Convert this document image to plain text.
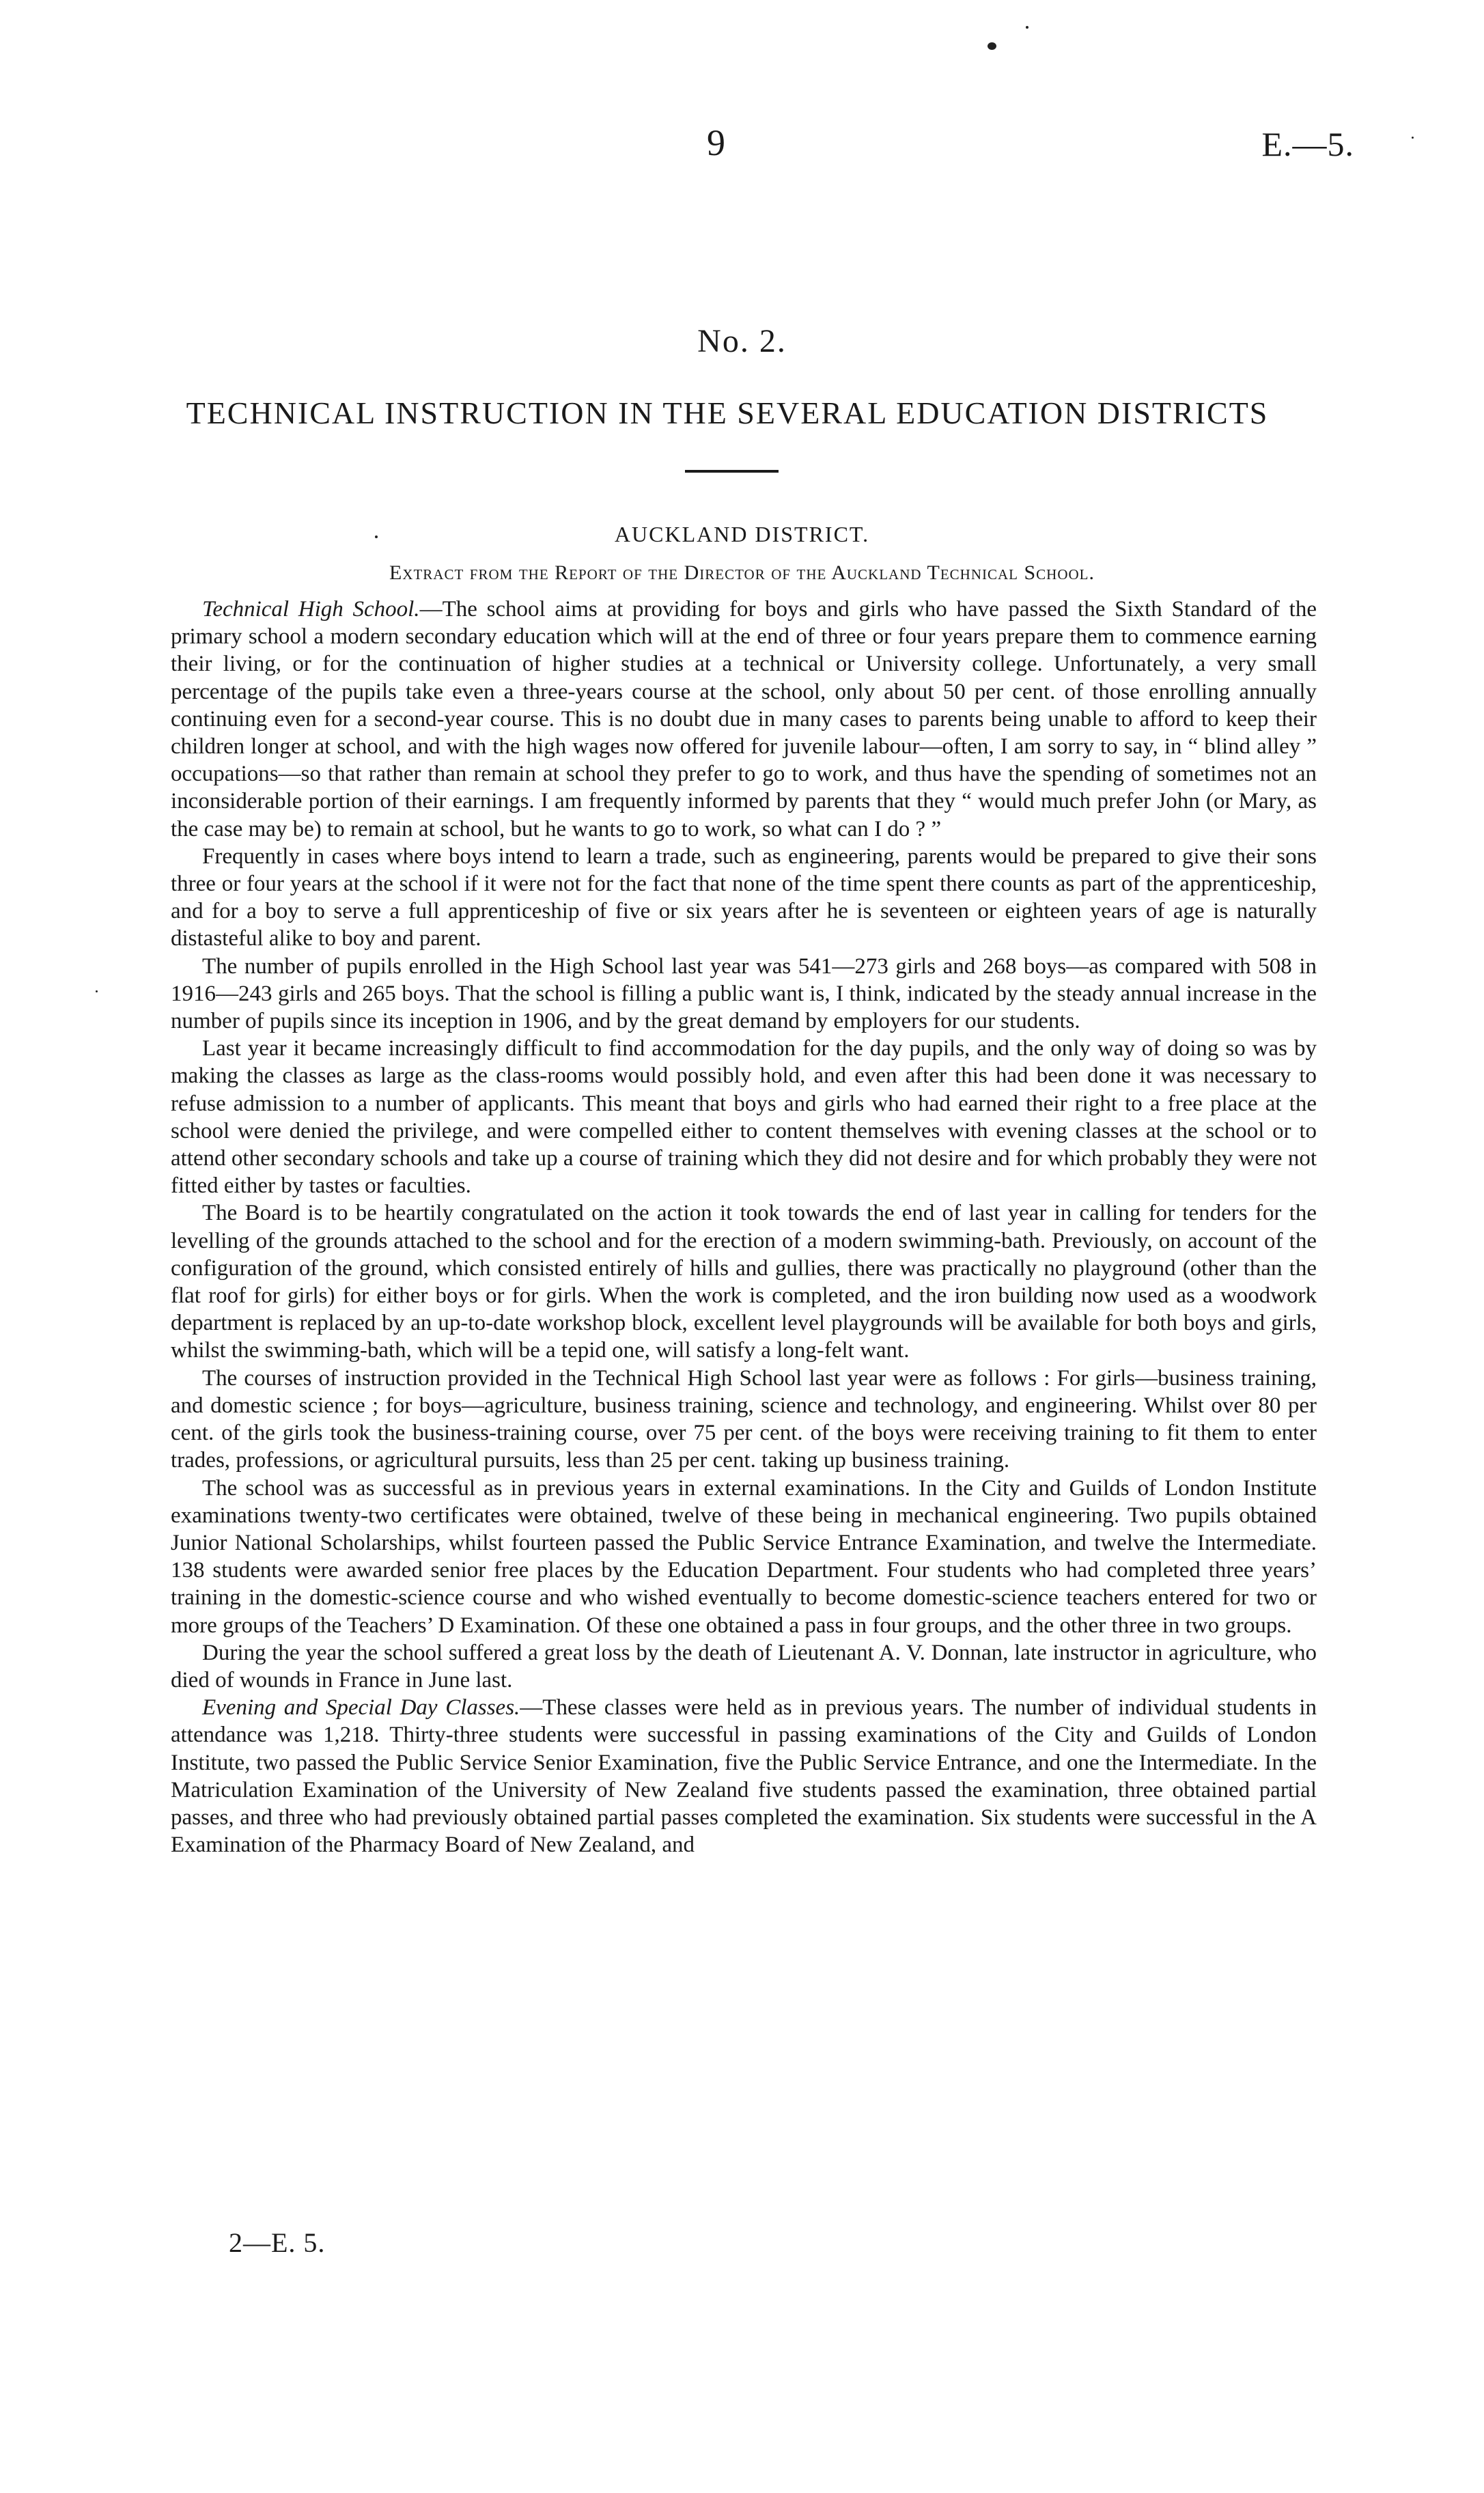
9	E.—5.
No. 2.
TECHNICAL INSTRUCTION IN THE SEVERAL EDUCATION DISTRICTS
AUCKLAND DISTRICT.
Extract from the Report of the Director of the Auckland Technical School.

Technical High School.—The school aims at providing for boys and girls who have passed the Sixth Standard of the primary school a modern secondary education which will at the end of three or four years prepare them to commence earning their living, or for the continuation of higher studies at a technical or University college. Unfortunately, a very small percentage of the pupils take even a three-years course at the school, only about 50 per cent. of those enrolling annually continuing even for a second-year course. This is no doubt due in many cases to parents being unable to afford to keep their children longer at school, and with the high wages now offered for juvenile labour—often, I am sorry to say, in “ blind alley ” occupations—so that rather than remain at school they prefer to go to work, and thus have the spending of sometimes not an inconsiderable portion of their earnings. I am frequently informed by parents that they “ would much prefer John (or Mary, as the case may be) to remain at school, but he wants to go to work, so what can I do ? ”

Frequently in cases where boys intend to learn a trade, such as engineering, parents would be prepared to give their sons three or four years at the school if it were not for the fact that none of the time spent there counts as part of the apprenticeship, and for a boy to serve a full apprenticeship of five or six years after he is seventeen or eighteen years of age is naturally distasteful alike to boy and parent.

The number of pupils enrolled in the High School last year was 541—273 girls and 268 boys—as compared with 508 in 1916—243 girls and 265 boys. That the school is filling a public want is, I think, indicated by the steady annual increase in the number of pupils since its inception in 1906, and by the great demand by employers for our students.

Last year it became increasingly difficult to find accommodation for the day pupils, and the only way of doing so was by making the classes as large as the class-rooms would possibly hold, and even after this had been done it was necessary to refuse admission to a number of applicants. This meant that boys and girls who had earned their right to a free place at the school were denied the privilege, and were compelled either to content themselves with evening classes at the school or to attend other secondary schools and take up a course of training which they did not desire and for which probably they were not fitted either by tastes or faculties.

The Board is to be heartily congratulated on the action it took towards the end of last year in calling for tenders for the levelling of the grounds attached to the school and for the erection of a modern swimming-bath. Previously, on account of the configuration of the ground, which consisted entirely of hills and gullies, there was practically no playground (other than the flat roof for girls) for either boys or for girls. When the work is completed, and the iron building now used as a woodwork department is replaced by an up-to-date workshop block, excellent level playgrounds will be available for both boys and girls, whilst the swimming-bath, which will be a tepid one, will satisfy a long-felt want.

The courses of instruction provided in the Technical High School last year were as follows : For girls—business training, and domestic science ; for boys—agriculture, business training, science and technology, and engineering. Whilst over 80 per cent. of the girls took the business-training course, over 75 per cent. of the boys were receiving training to fit them to enter trades, professions, or agricultural pursuits, less than 25 per cent. taking up business training.

The school was as successful as in previous years in external examinations. In the City and Guilds of London Institute examinations twenty-two certificates were obtained, twelve of these being in mechanical engineering. Two pupils obtained Junior National Scholarships, whilst fourteen passed the Public Service Entrance Examination, and twelve the Intermediate. 138 students were awarded senior free places by the Education Department. Four students who had completed three years’ training in the domestic-science course and who wished eventually to become domestic-science teachers entered for two or more groups of the Teachers’ D Examination. Of these one obtained a pass in four groups, and the other three in two groups.

During the year the school suffered a great loss by the death of Lieutenant A. V. Donnan, late instructor in agriculture, who died of wounds in France in June last.

Evening and Special Day Classes.—These classes were held as in previous years. The number of individual students in attendance was 1,218. Thirty-three students were successful in passing examinations of the City and Guilds of London Institute, two passed the Public Service Senior Examination, five the Public Service Entrance, and one the Intermediate. In the Matriculation Examination of the University of New Zealand five students passed the examination, three obtained partial passes, and three who had previously obtained partial passes completed the examination. Six students were successful in the A Examination of the Pharmacy Board of New Zealand, and

2—E. 5.
